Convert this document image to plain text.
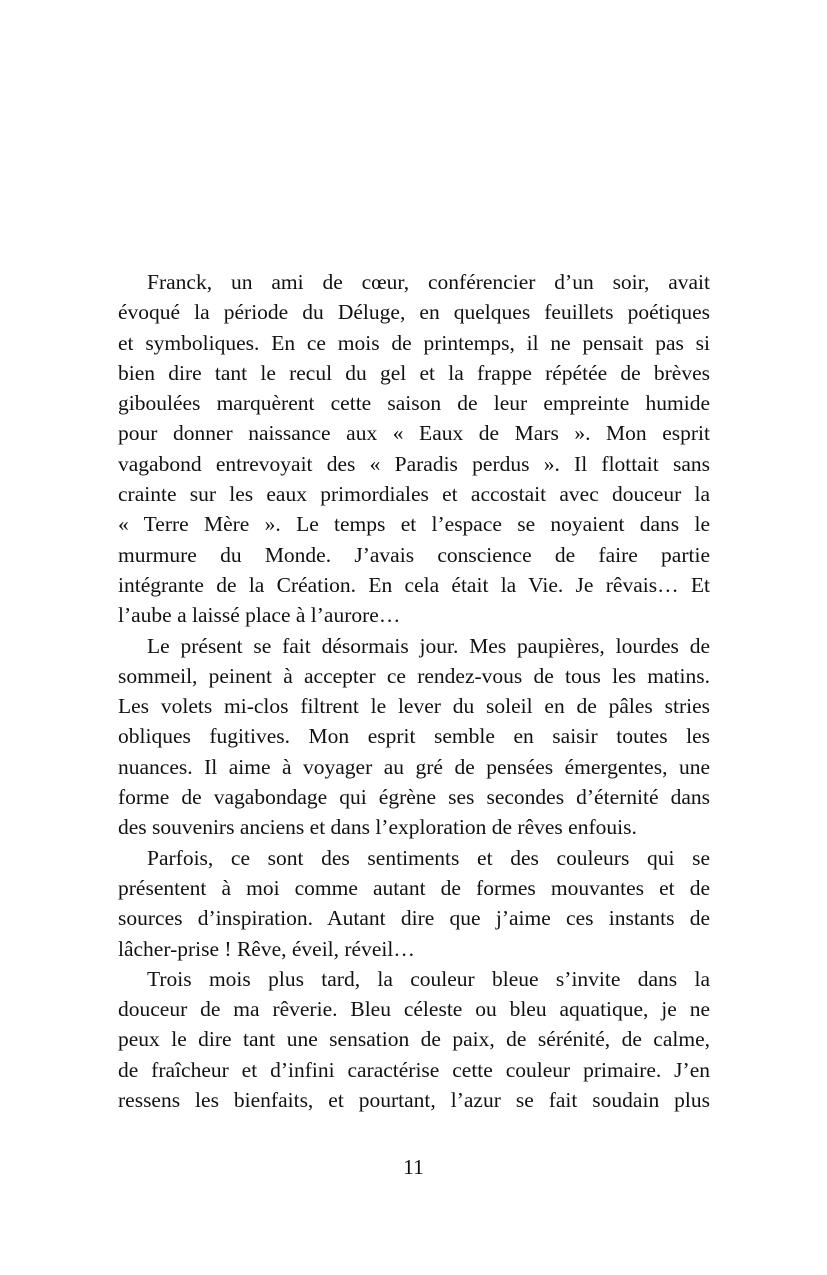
Franck, un ami de cœur, conférencier d’un soir, avait
évoqué la période du Déluge, en quelques feuillets poétiques
et symboliques. En ce mois de printemps, il ne pensait pas si
bien dire tant le recul du gel et la frappe répétée de brèves
giboulées marquèrent cette saison de leur empreinte humide
pour donner naissance aux « Eaux de Mars ». Mon esprit
vagabond entrevoyait des « Paradis perdus ». Il flottait sans
crainte sur les eaux primordiales et accostait avec douceur la
« Terre Mère ». Le temps et l’espace se noyaient dans le
murmure du Monde. J’avais conscience de faire partie
intégrante de la Création. En cela était la Vie. Je rêvais… Et
l’aube a laissé place à l’aurore…
Le présent se fait désormais jour. Mes paupières, lourdes de
sommeil, peinent à accepter ce rendez-vous de tous les matins.
Les volets mi-clos filtrent le lever du soleil en de pâles stries
obliques fugitives. Mon esprit semble en saisir toutes les
nuances. Il aime à voyager au gré de pensées émergentes, une
forme de vagabondage qui égrène ses secondes d’éternité dans
des souvenirs anciens et dans l’exploration de rêves enfouis.
Parfois, ce sont des sentiments et des couleurs qui se
présentent à moi comme autant de formes mouvantes et de
sources d’inspiration. Autant dire que j’aime ces instants de
lâcher-prise ! Rêve, éveil, réveil…
Trois mois plus tard, la couleur bleue s’invite dans la
douceur de ma rêverie. Bleu céleste ou bleu aquatique, je ne
peux le dire tant une sensation de paix, de sérénité, de calme,
de fraîcheur et d’infini caractérise cette couleur primaire. J’en
ressens les bienfaits, et pourtant, l’azur se fait soudain plus
11
